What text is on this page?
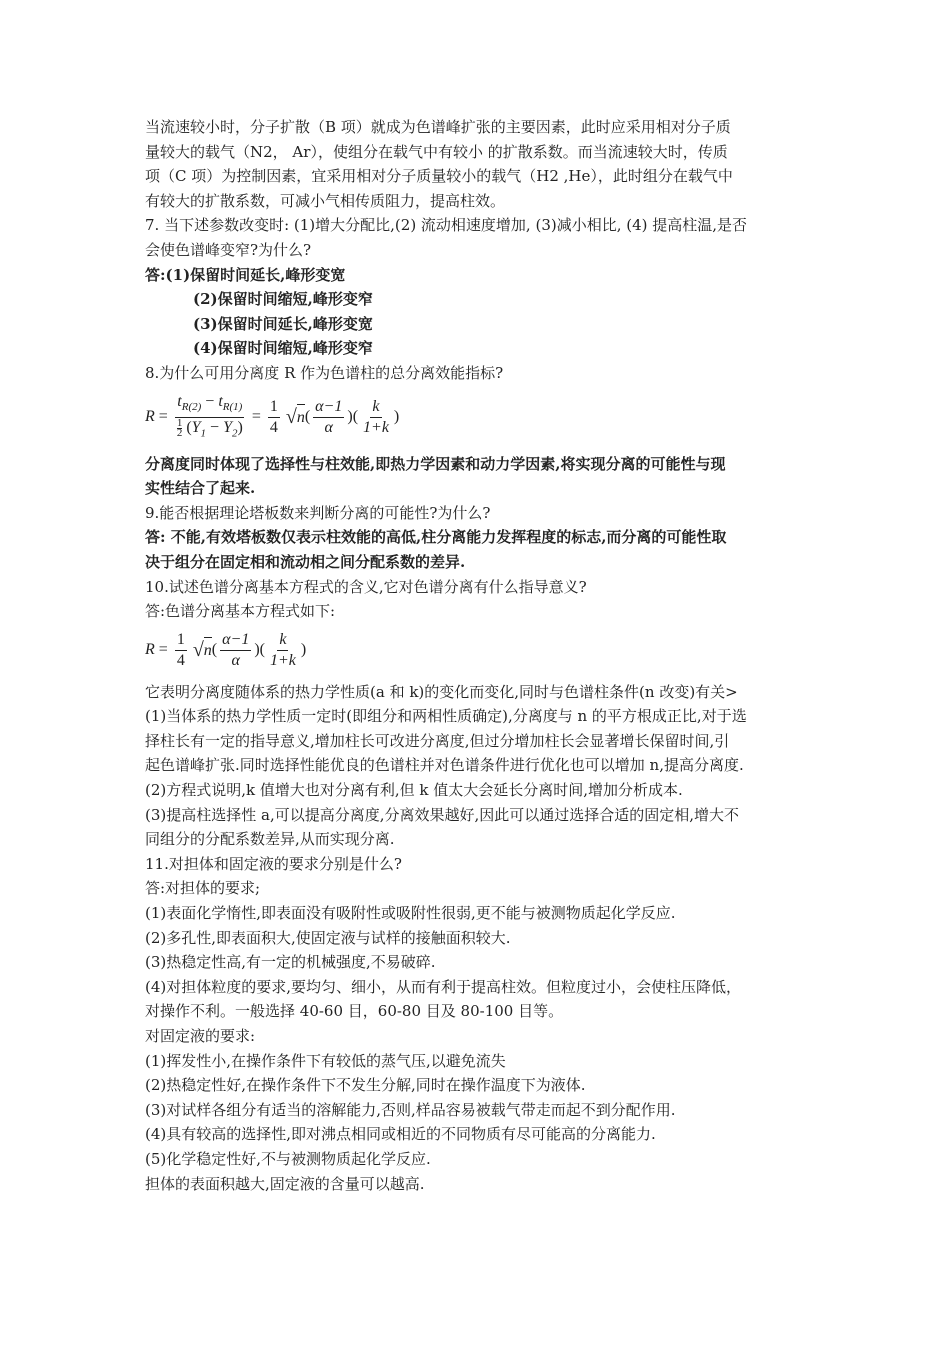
当流速较小时，分子扩散（B 项）就成为色谱峰扩张的主要因素，此时应采用相对分子质

量较大的载气（N2， Ar），使组分在载气中有较小 的扩散系数。而当流速较大时，传质

项（C 项）为控制因素，宜采用相对分子质量较小的载气（H2 ,He），此时组分在载气中

有较大的扩散系数，可减小气相传质阻力，提高柱效。

7. 当下述参数改变时: (1)增大分配比,(2) 流动相速度增加, (3)减小相比, (4) 提高柱温,是否

会使色谱峰变窄?为什么?

答:(1)保留时间延长,峰形变宽

(2)保留时间缩短,峰形变窄

(3)保留时间延长,峰形变宽

(4)保留时间缩短,峰形变窄

8.为什么可用分离度 R 作为色谱柱的总分离效能指标?

R =
$t_{R(2)} - t_{R(1)}$
$\frac{1}{2} (Y_1 - Y_2)$
= $\frac{1}{4}$ √ n ( $\frac{\alpha-1}{\alpha}$ )( $\frac{k}{1+k}$ )

分离度同时体现了选择性与柱效能,即热力学因素和动力学因素,将实现分离的可能性与现

实性结合了起来.

9.能否根据理论塔板数来判断分离的可能性?为什么?

答: 不能,有效塔板数仅表示柱效能的高低,柱分离能力发挥程度的标志,而分离的可能性取

决于组分在固定相和流动相之间分配系数的差异.

10.试述色谱分离基本方程式的含义,它对色谱分离有什么指导意义?

答:色谱分离基本方程式如下:

$R = \frac{1}{4}$ √ n ( $\frac{\alpha-1}{\alpha}$ )( $\frac{k}{1+k}$ )

它表明分离度随体系的热力学性质(a 和 k)的变化而变化,同时与色谱柱条件(n 改变)有关>

(1)当体系的热力学性质一定时(即组分和两相性质确定),分离度与 n 的平方根成正比,对于选

择柱长有一定的指导意义,增加柱长可改进分离度,但过分增加柱长会显著增长保留时间,引

起色谱峰扩张.同时选择性能优良的色谱柱并对色谱条件进行优化也可以增加 n,提高分离度.

(2)方程式说明,k 值增大也对分离有利,但 k 值太大会延长分离时间,增加分析成本.

(3)提高柱选择性 a,可以提高分离度,分离效果越好,因此可以通过选择合适的固定相,增大不

同组分的分配系数差异,从而实现分离.

11.对担体和固定液的要求分别是什么?

答:对担体的要求;

(1)表面化学惰性,即表面没有吸附性或吸附性很弱,更不能与被测物质起化学反应.

(2)多孔性,即表面积大,使固定液与试样的接触面积较大.

(3)热稳定性高,有一定的机械强度,不易破碎.

(4)对担体粒度的要求,要均匀、细小，从而有利于提高柱效。但粒度过小，会使柱压降低，

对操作不利。一般选择 40-60 目，60-80 目及 80-100 目等。

对固定液的要求:

(1)挥发性小,在操作条件下有较低的蒸气压,以避免流失

(2)热稳定性好,在操作条件下不发生分解,同时在操作温度下为液体.

(3)对试样各组分有适当的溶解能力,否则,样品容易被载气带走而起不到分配作用.

(4)具有较高的选择性,即对沸点相同或相近的不同物质有尽可能高的分离能力.

(5)化学稳定性好,不与被测物质起化学反应.

担体的表面积越大,固定液的含量可以越高.
